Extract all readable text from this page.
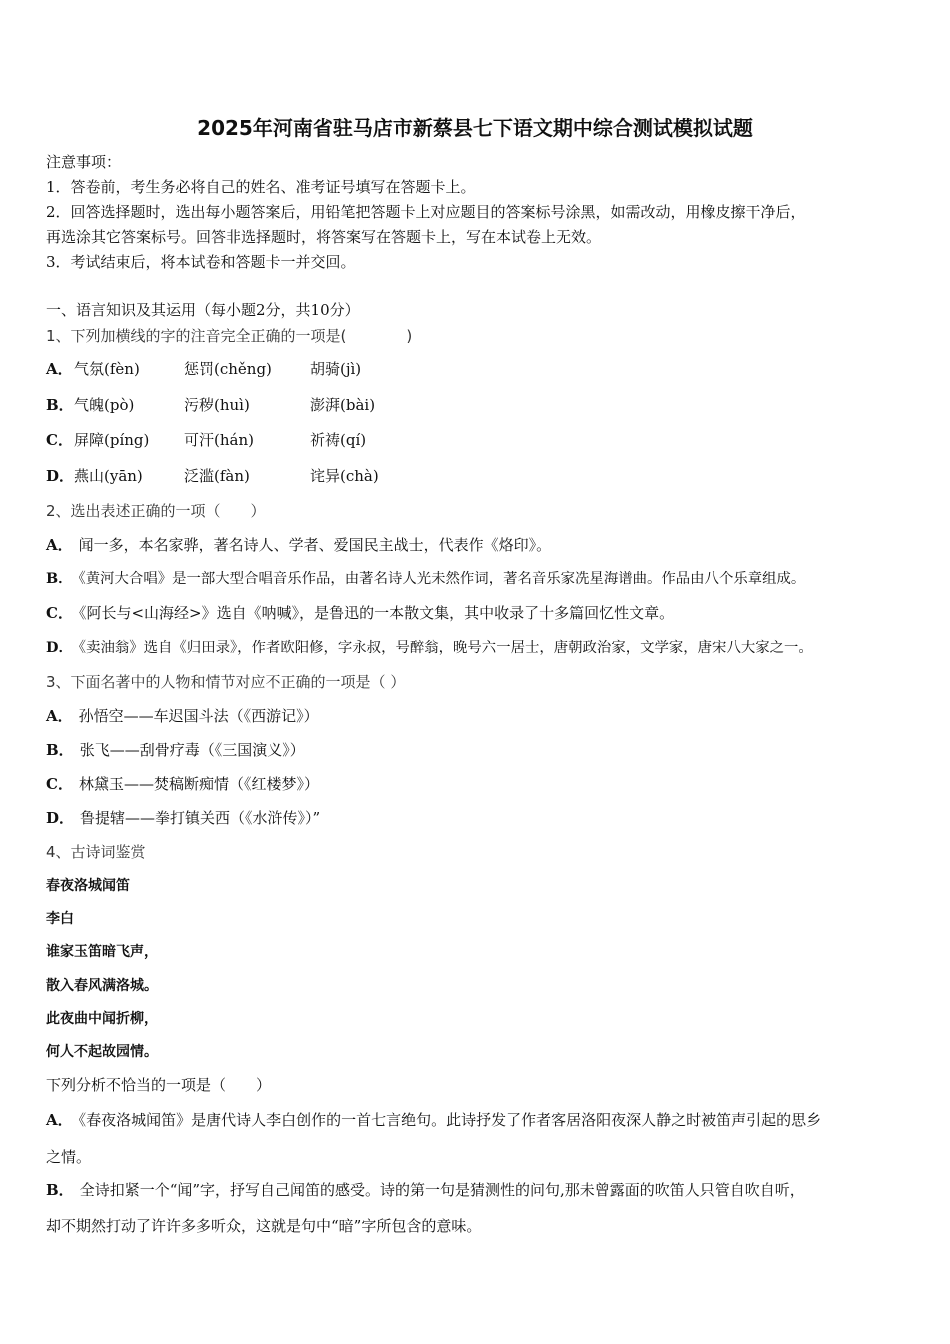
2025年河南省驻马店市新蔡县七下语文期中综合测试模拟试题
注意事项：
1．答卷前，考生务必将自己的姓名、准考证号填写在答题卡上。
2．回答选择题时，选出每小题答案后，用铅笔把答题卡上对应题目的答案标号涂黑，如需改动，用橡皮擦干净后，
再选涂其它答案标号。回答非选择题时，将答案写在答题卡上，写在本试卷上无效。
3．考试结束后，将本试卷和答题卡一并交回。
一、语言知识及其运用（每小题2分，共10分）
1、下列加横线的字的注音完全正确的一项是(　　　　)
A． 气氛(fèn)	惩罚(chěng)	胡骑(jì)
B． 气魄(pò)	污秽(huì)	澎湃(bài)
C． 屏障(píng) 可汗(hán)	祈祷(qí)
D． 燕山(yān)	泛滥(fàn)	诧异(chà)
2、选出表述正确的一项（　　）
A． 闻一多，本名家骅，著名诗人、学者、爱国民主战士，代表作《烙印》。
B． 《黄河大合唱》是一部大型合唱音乐作品，由著名诗人光未然作词，著名音乐家冼星海谱曲。作品由八个乐章组成。
C． 《阿长与<山海经>》选自《呐喊》，是鲁迅的一本散文集，其中收录了十多篇回忆性文章。
D． 《卖油翁》选自《归田录》，作者欧阳修，字永叔，号醉翁，晚号六一居士，唐朝政治家，文学家，唐宋八大家之一。
3、下面名著中的人物和情节对应不正确的一项是（ ）
A． 孙悟空——车迟国斗法（《西游记》）
B． 张飞——刮骨疗毒（《三国演义》）
C． 林黛玉——焚稿断痴情（《红楼梦》）
D． 鲁提辖——拳打镇关西（《水浒传》）”
4、古诗词鉴赏
春夜洛城闻笛
李白
谁家玉笛暗飞声，
散入春风满洛城。
此夜曲中闻折柳，
何人不起故园情。
下列分析不恰当的一项是（　　）
A． 《春夜洛城闻笛》是唐代诗人李白创作的一首七言绝句。此诗抒发了作者客居洛阳夜深人静之时被笛声引起的思乡
之情。
B． 全诗扣紧一个“闻”字，抒写自己闻笛的感受。诗的第一句是猜测性的问句,那未曾露面的吹笛人只管自吹自听，
却不期然打动了许许多多听众，这就是句中“暗”字所包含的意味。
